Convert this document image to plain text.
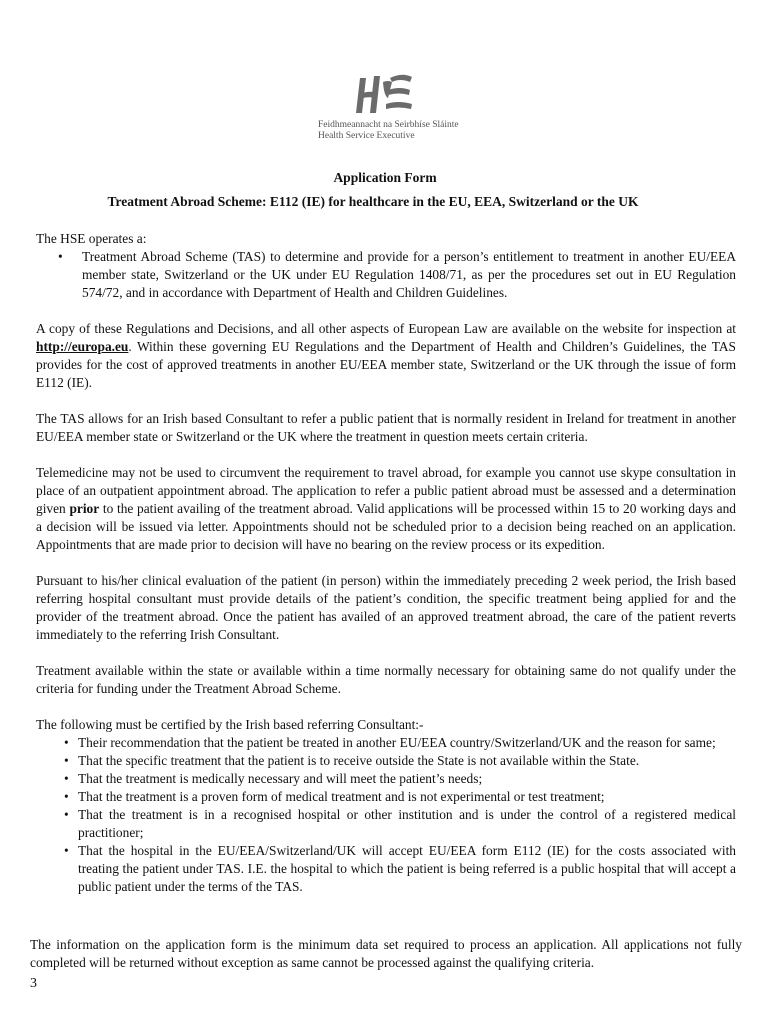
Feidhmeannacht na Seirbhíse Sláinte
Health Service Executive
Application Form
Treatment Abroad Scheme: E112 (IE) for healthcare in the EU, EEA, Switzerland or the UK

The HSE operates a:

• Treatment Abroad Scheme (TAS) to determine and provide for a person’s entitlement to treatment in another EU/EEA member state, Switzerland or the UK under EU Regulation 1408/71, as per the procedures set out in EU Regulation 574/72, and in accordance with Department of Health and Children Guidelines.

A copy of these Regulations and Decisions, and all other aspects of European Law are available on the website for inspection at http://europa.eu. Within these governing EU Regulations and the Department of Health and Children’s Guidelines, the TAS provides for the cost of approved treatments in another EU/EEA member state, Switzerland or the UK through the issue of form E112 (IE).

The TAS allows for an Irish based Consultant to refer a public patient that is normally resident in Ireland for treatment in another EU/EEA member state or Switzerland or the UK where the treatment in question meets certain criteria.

Telemedicine may not be used to circumvent the requirement to travel abroad, for example you cannot use skype consultation in place of an outpatient appointment abroad. The application to refer a public patient abroad must be assessed and a determination given prior to the patient availing of the treatment abroad. Valid applications will be processed within 15 to 20 working days and a decision will be issued via letter. Appointments should not be scheduled prior to a decision being reached on an application. Appointments that are made prior to decision will have no bearing on the review process or its expedition.

Pursuant to his/her clinical evaluation of the patient (in person) within the immediately preceding 2 week period, the Irish based referring hospital consultant must provide details of the patient’s condition, the specific treatment being applied for and the provider of the treatment abroad. Once the patient has availed of an approved treatment abroad, the care of the patient reverts immediately to the referring Irish Consultant.

Treatment available within the state or available within a time normally necessary for obtaining same do not qualify under the criteria for funding under the Treatment Abroad Scheme.

The following must be certified by the Irish based referring Consultant:-

• Their recommendation that the patient be treated in another EU/EEA country/Switzerland/UK and the reason for same;
• That the specific treatment that the patient is to receive outside the State is not available within the State.
• That the treatment is medically necessary and will meet the patient’s needs;
• That the treatment is a proven form of medical treatment and is not experimental or test treatment;
• That the treatment is in a recognised hospital or other institution and is under the control of a registered medical practitioner;
• That the hospital in the EU/EEA/Switzerland/UK will accept EU/EEA form E112 (IE) for the costs associated with treating the patient under TAS. I.E. the hospital to which the patient is being referred is a public hospital that will accept a public patient under the terms of the TAS.
The information on the application form is the minimum data set required to process an application. All applications not fully completed will be returned without exception as same cannot be processed against the qualifying criteria.
3
